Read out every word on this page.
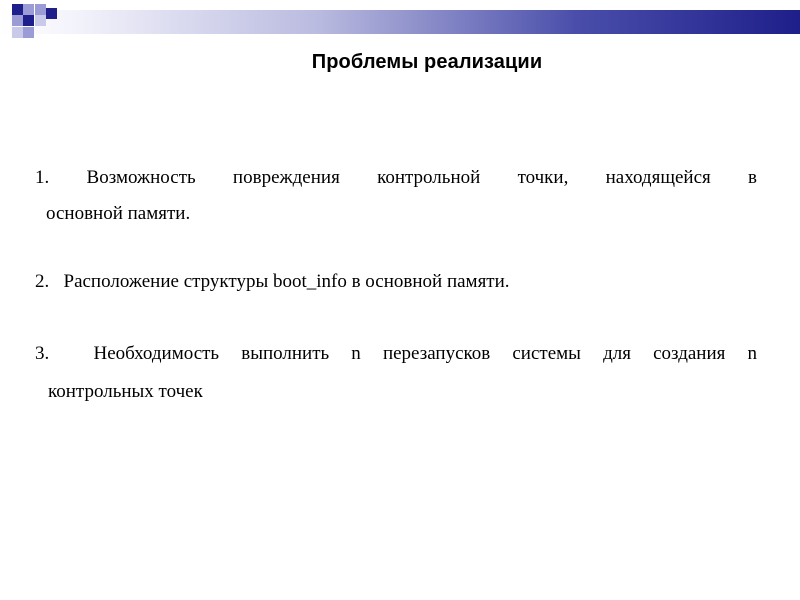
Проблемы реализации
1. Возможность повреждения контрольной точки, находящейся в
основной памяти.
2. Расположение структуры boot_info в основной памяти.
3. Необходимость выполнить n перезапусков системы для создания n
контрольных точек
